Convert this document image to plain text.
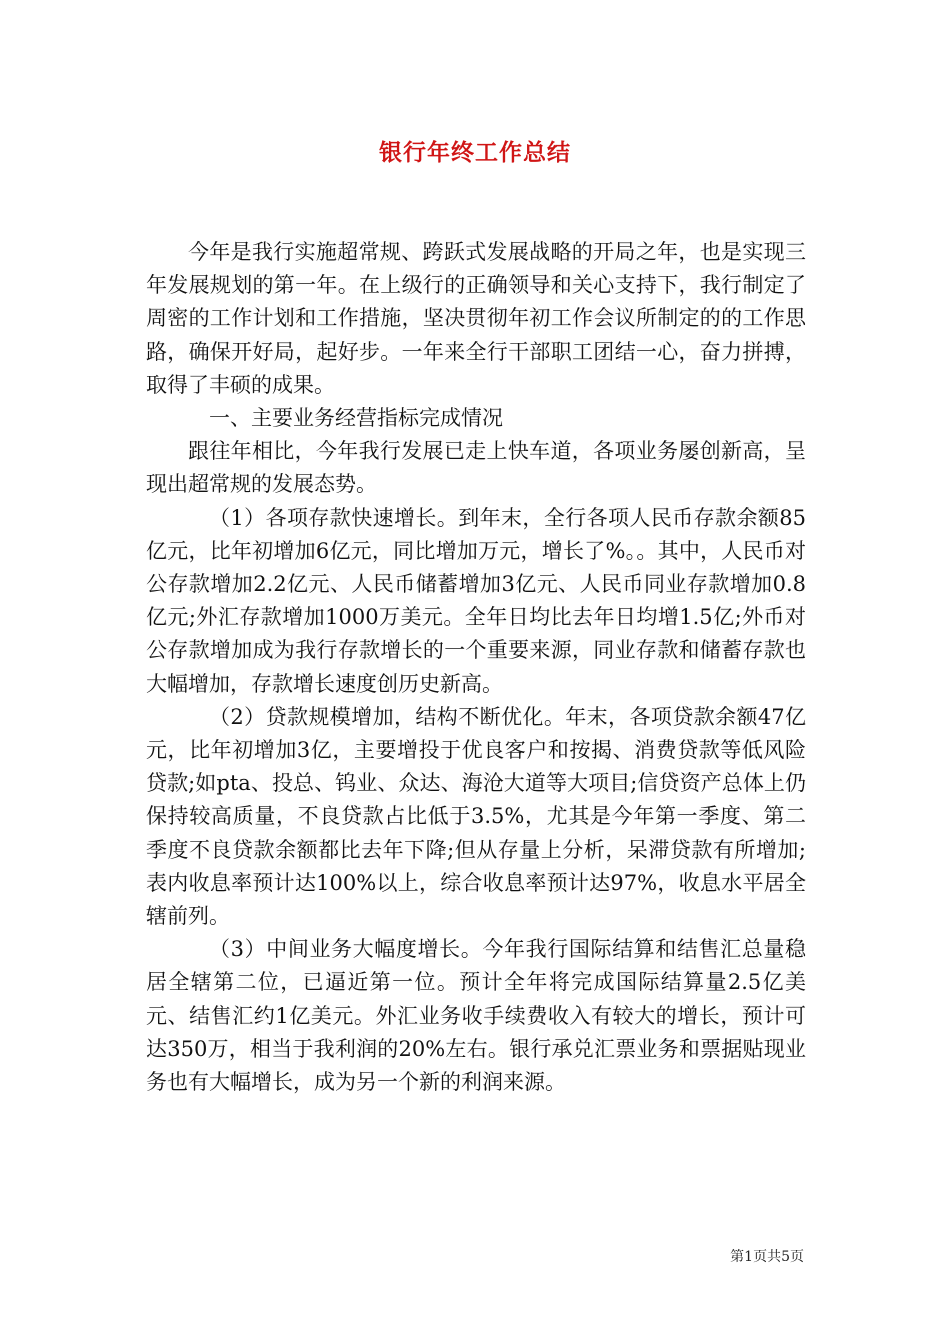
银行年终工作总结

今年是我行实施超常规、跨跃式发展战略的开局之年，也是实现三年发展规划的第一年。在上级行的正确领导和关心支持下，我行制定了周密的工作计划和工作措施，坚决贯彻年初工作会议所制定的的工作思路，确保开好局，起好步。一年来全行干部职工团结一心，奋力拼搏，取得了丰硕的成果。

一、主要业务经营指标完成情况

跟往年相比，今年我行发展已走上快车道，各项业务屡创新高，呈现出超常规的发展态势。

（1）各项存款快速增长。到年末，全行各项人民币存款余额85亿元，比年初增加6亿元，同比增加万元，增长了%。。其中，人民币对公存款增加2.2亿元、人民币储蓄增加3亿元、人民币同业存款增加0.8亿元;外汇存款增加1000万美元。全年日均比去年日均增1.5亿;外币对公存款增加成为我行存款增长的一个重要来源，同业存款和储蓄存款也大幅增加，存款增长速度创历史新高。

（2）贷款规模增加，结构不断优化。年末，各项贷款余额47亿元，比年初增加3亿，主要增投于优良客户和按揭、消费贷款等低风险贷款;如pta、投总、钨业、众达、海沧大道等大项目;信贷资产总体上仍保持较高质量，不良贷款占比低于3.5%，尤其是今年第一季度、第二季度不良贷款余额都比去年下降;但从存量上分析，呆滞贷款有所增加;表内收息率预计达100%以上，综合收息率预计达97%，收息水平居全辖前列。

（3）中间业务大幅度增长。今年我行国际结算和结售汇总量稳居全辖第二位，已逼近第一位。预计全年将完成国际结算量2.5亿美元、结售汇约1亿美元。外汇业务收手续费收入有较大的增长，预计可达350万，相当于我利润的20%左右。银行承兑汇票业务和票据贴现业务也有大幅增长，成为另一个新的利润来源。

第1页共5页
